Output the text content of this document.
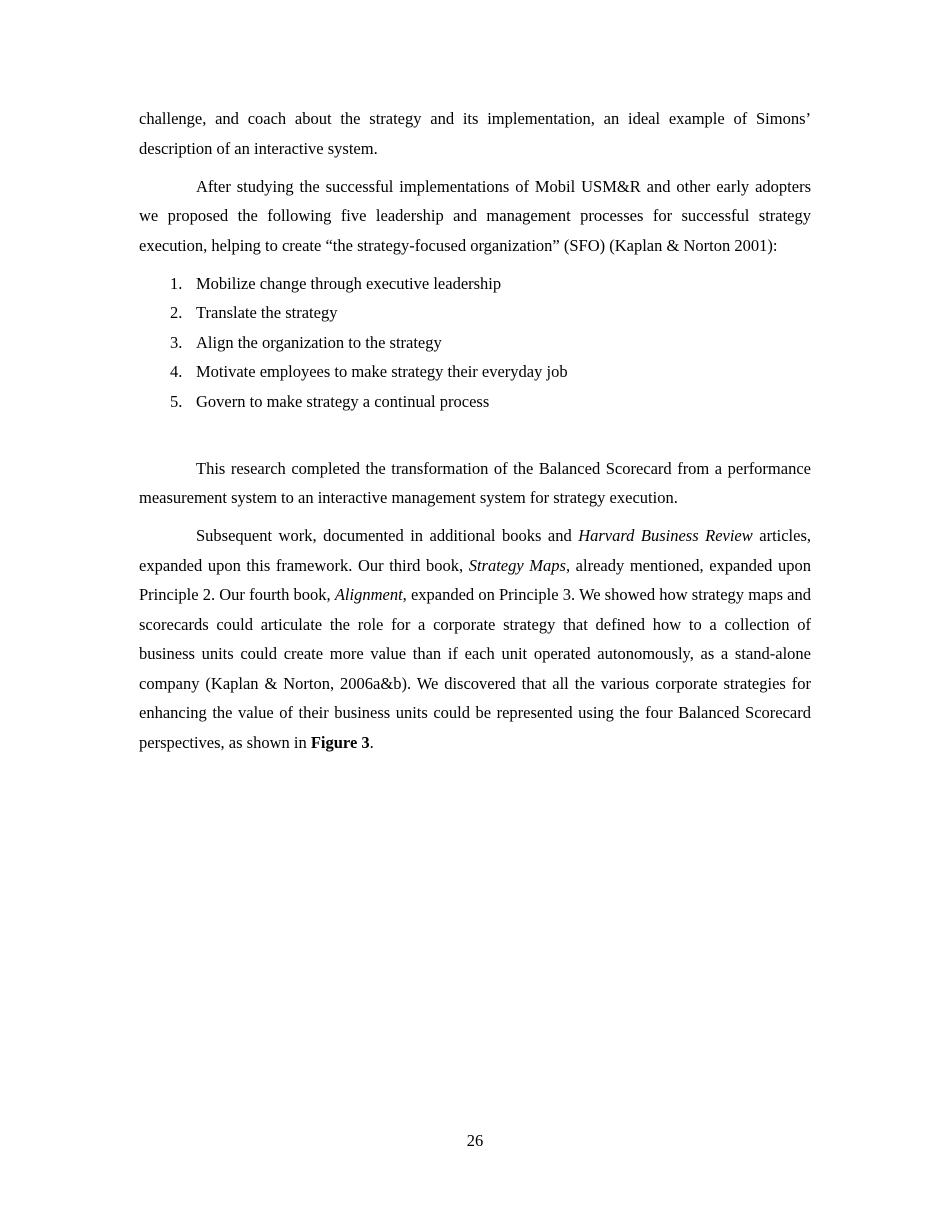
challenge, and coach about the strategy and its implementation, an ideal example of Simons’ description of an interactive system.

After studying the successful implementations of Mobil USM&R and other early adopters we proposed the following five leadership and management processes for successful strategy execution, helping to create “the strategy-focused organization” (SFO) (Kaplan & Norton 2001):

1. Mobilize change through executive leadership
2. Translate the strategy
3. Align the organization to the strategy
4. Motivate employees to make strategy their everyday job
5. Govern to make strategy a continual process

This research completed the transformation of the Balanced Scorecard from a performance measurement system to an interactive management system for strategy execution.

Subsequent work, documented in additional books and Harvard Business Review articles, expanded upon this framework. Our third book, Strategy Maps, already mentioned, expanded upon Principle 2. Our fourth book, Alignment, expanded on Principle 3. We showed how strategy maps and scorecards could articulate the role for a corporate strategy that defined how to a collection of business units could create more value than if each unit operated autonomously, as a stand-alone company (Kaplan & Norton, 2006a&b). We discovered that all the various corporate strategies for enhancing the value of their business units could be represented using the four Balanced Scorecard perspectives, as shown in Figure 3.

26
